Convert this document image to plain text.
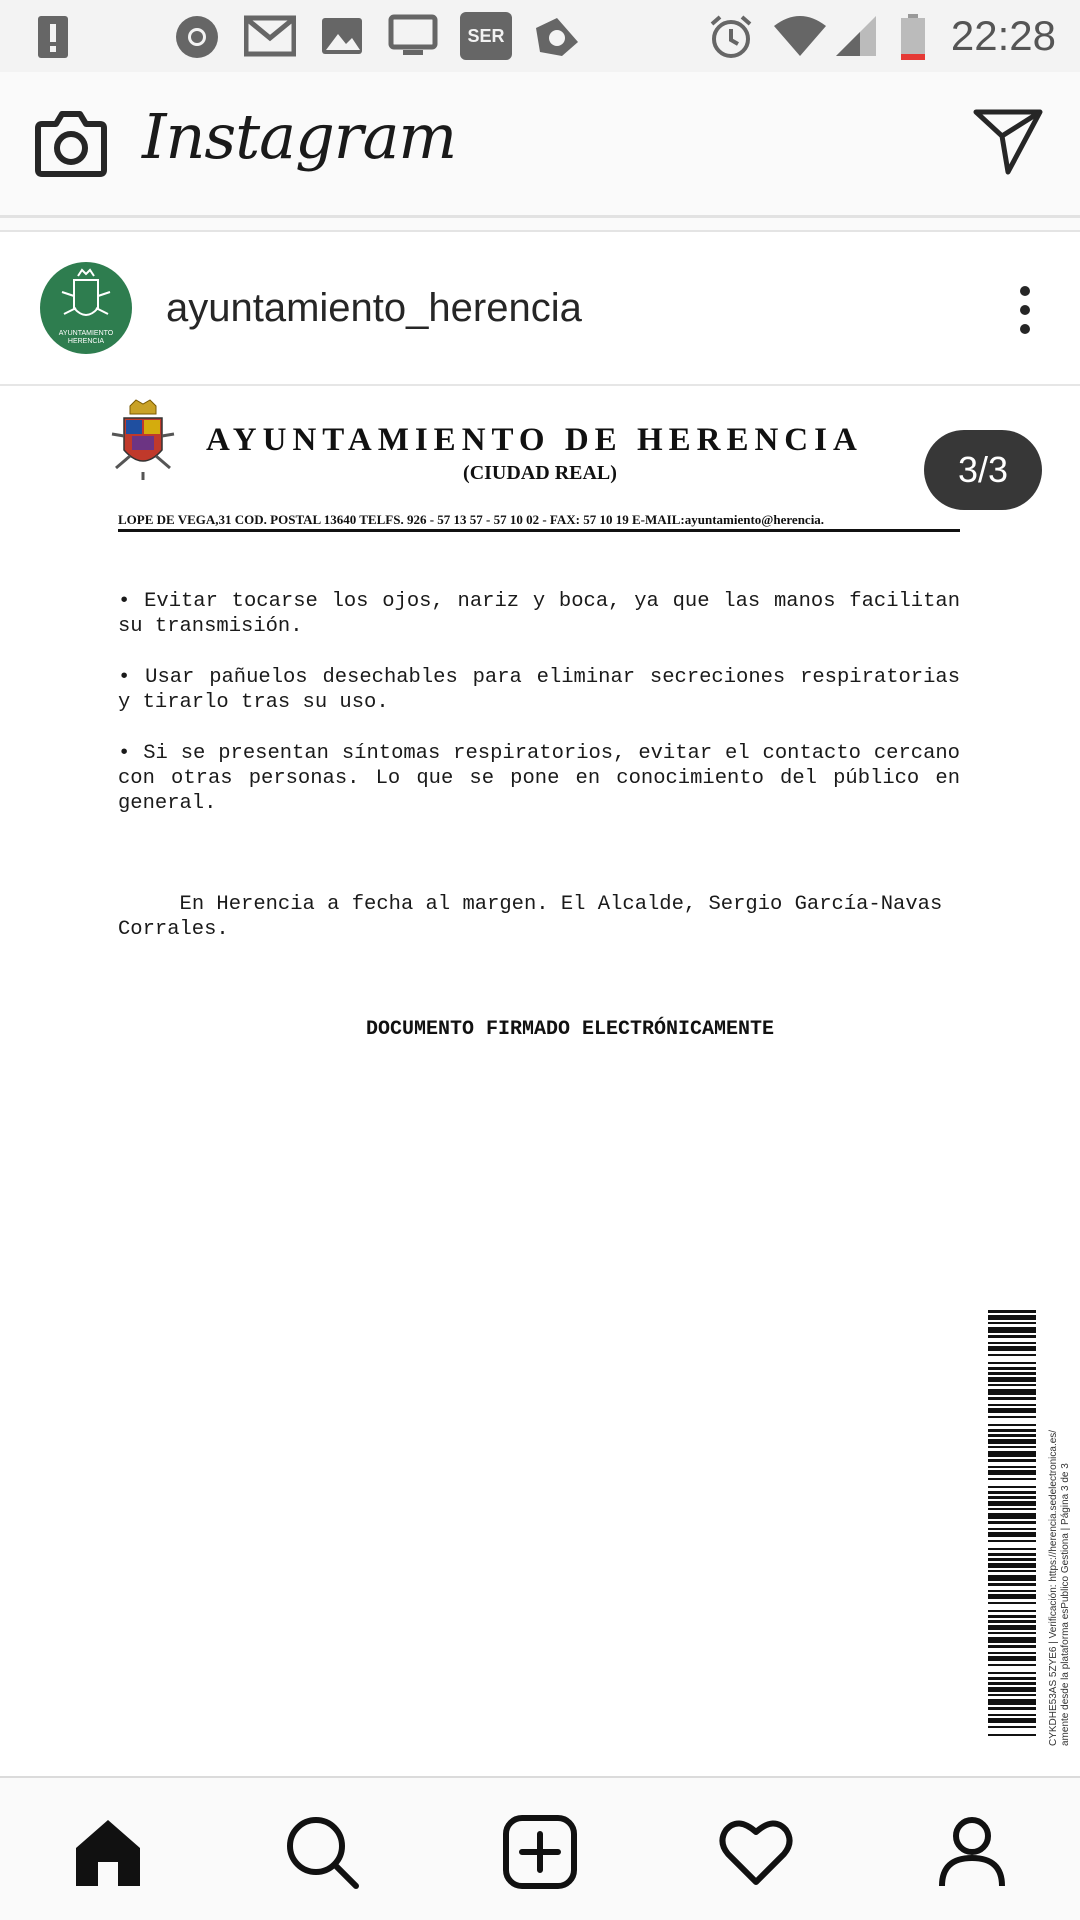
SER	22:28
Instagram
AYUNTAMIENTO HERENCIA
ayuntamiento_herencia
AYUNTAMIENTO DE HERENCIA
(CIUDAD REAL)
LOPE DE VEGA,31 COD. POSTAL 13640 TELFS. 926 - 57 13 57 - 57 10 02 - FAX: 57 10 19 E-MAIL:ayuntamiento@herencia.
• Evitar tocarse los ojos, nariz y boca, ya que las manos facilitan su transmisión.
• Usar pañuelos desechables para eliminar secreciones respiratorias y tirarlo tras su uso.
• Si se presentan síntomas respiratorios, evitar el contacto cercano con otras personas. Lo que se pone en conocimiento del público en general.
En Herencia a fecha al margen. El Alcalde, Sergio García-Navas Corrales.
DOCUMENTO FIRMADO ELECTRÓNICAMENTE
CYKDHE53AS 5ZYE6 | Verificación: https://herencia.sedelectronica.es/
amente desde la plataforma esPublico Gestiona | Página 3 de 3
3/3
